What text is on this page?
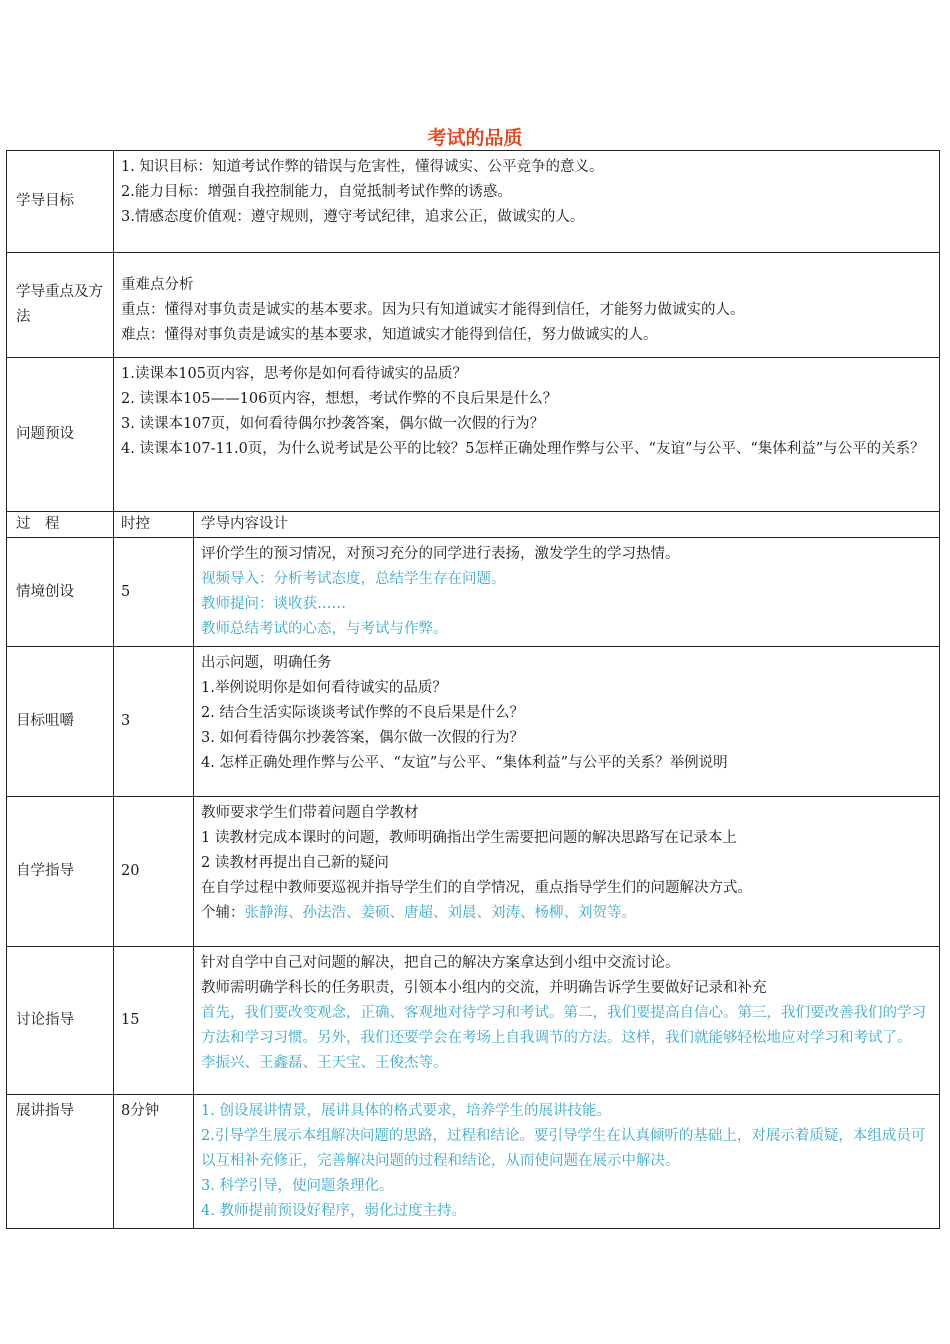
考试的品质
学导目标	1. 知识目标：知道考试作弊的错误与危害性，懂得诚实、公平竞争的意义。
2.能力目标：增强自我控制能力，自觉抵制考试作弊的诱惑。
3.情感态度价值观：遵守规则，遵守考试纪律，追求公正，做诚实的人。	

学导重点及方法	重难点分析
重点：懂得对事负责是诚实的基本要求。因为只有知道诚实才能得到信任，才能努力做诚实的人。
难点：懂得对事负责是诚实的基本要求，知道诚实才能得到信任，努力做诚实的人。	

问题预设	1.读课本105页内容，思考你是如何看待诚实的品质？
2. 读课本105——106页内容，想想，考试作弊的不良后果是什么？
3. 读课本107页，如何看待偶尔抄袭答案，偶尔做一次假的行为？
4. 读课本107-11.0页，为什么说考试是公平的比较？5怎样正确处理作弊与公平、“友谊”与公平、“集体利益”与公平的关系？	

过　程	时控	学导内容设计
情境创设	5	评价学生的预习情况，对预习充分的同学进行表扬，激发学生的学习热情。
视频导入：分析考试态度，总结学生存在问题。
教师提问：谈收获……
教师总结考试的心态，与考试与作弊。

目标咀嚼	3	出示问题，明确任务
1.举例说明你是如何看待诚实的品质？
2. 结合生活实际谈谈考试作弊的不良后果是什么？
3. 如何看待偶尔抄袭答案，偶尔做一次假的行为？
4. 怎样正确处理作弊与公平、“友谊”与公平、“集体利益”与公平的关系？举例说明

自学指导	20	教师要求学生们带着问题自学教材
1 读教材完成本课时的问题，教师明确指出学生需要把问题的解决思路写在记录本上
2 读教材再提出自己新的疑问
在自学过程中教师要巡视并指导学生们的自学情况，重点指导学生们的问题解决方式。
个辅：张静海、孙法浩、姜硕、唐超、刘晨、刘涛、杨柳、刘贺等。

讨论指导	15	针对自学中自己对问题的解决，把自己的解决方案拿达到小组中交流讨论。
教师需明确学科长的任务职责，引领本小组内的交流，并明确告诉学生要做好记录和补充
首先，我们要改变观念，正确、客观地对待学习和考试。第二，我们要提高自信心。第三，我们要改善我们的学习方法和学习习惯。另外，我们还要学会在考场上自我调节的方法。这样，我们就能够轻松地应对学习和考试了。
李振兴、王鑫磊、王天宝、王俊杰等。

展讲指导	8分钟	1. 创设展讲情景，展讲具体的格式要求，培养学生的展讲技能。
2.引导学生展示本组解决问题的思路，过程和结论。要引导学生在认真倾听的基础上，对展示着质疑，本组成员可以互相补充修正，完善解决问题的过程和结论，从而使问题在展示中解决。
3. 科学引导，使问题条理化。
4. 教师提前预设好程序，弱化过度主持。
